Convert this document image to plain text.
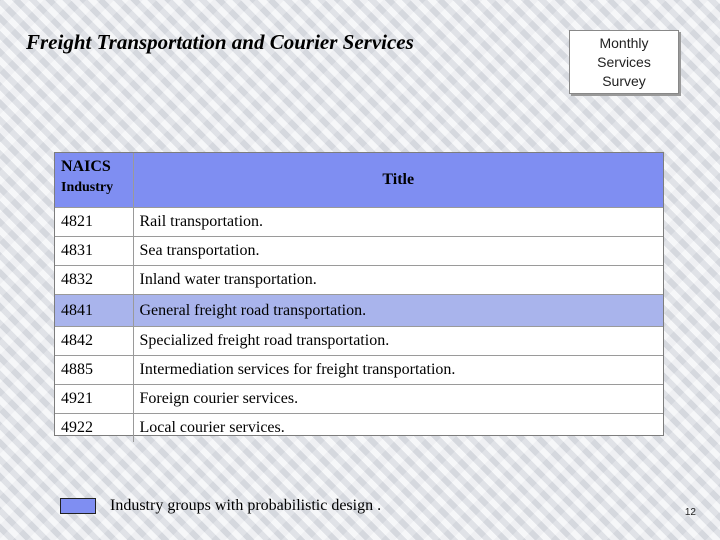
Freight Transportation and Courier Services	Monthly
Services
Survey
NAICS
Industry	Title
4821	Rail transportation.
4831	Sea transportation.
4832	Inland water transportation.
4841	General freight road transportation.
4842	Specialized freight road transportation.
4885	Intermediation services for freight transportation.
4921	Foreign courier services.
4922	Local courier services.
Industry groups with probabilistic design .	12
